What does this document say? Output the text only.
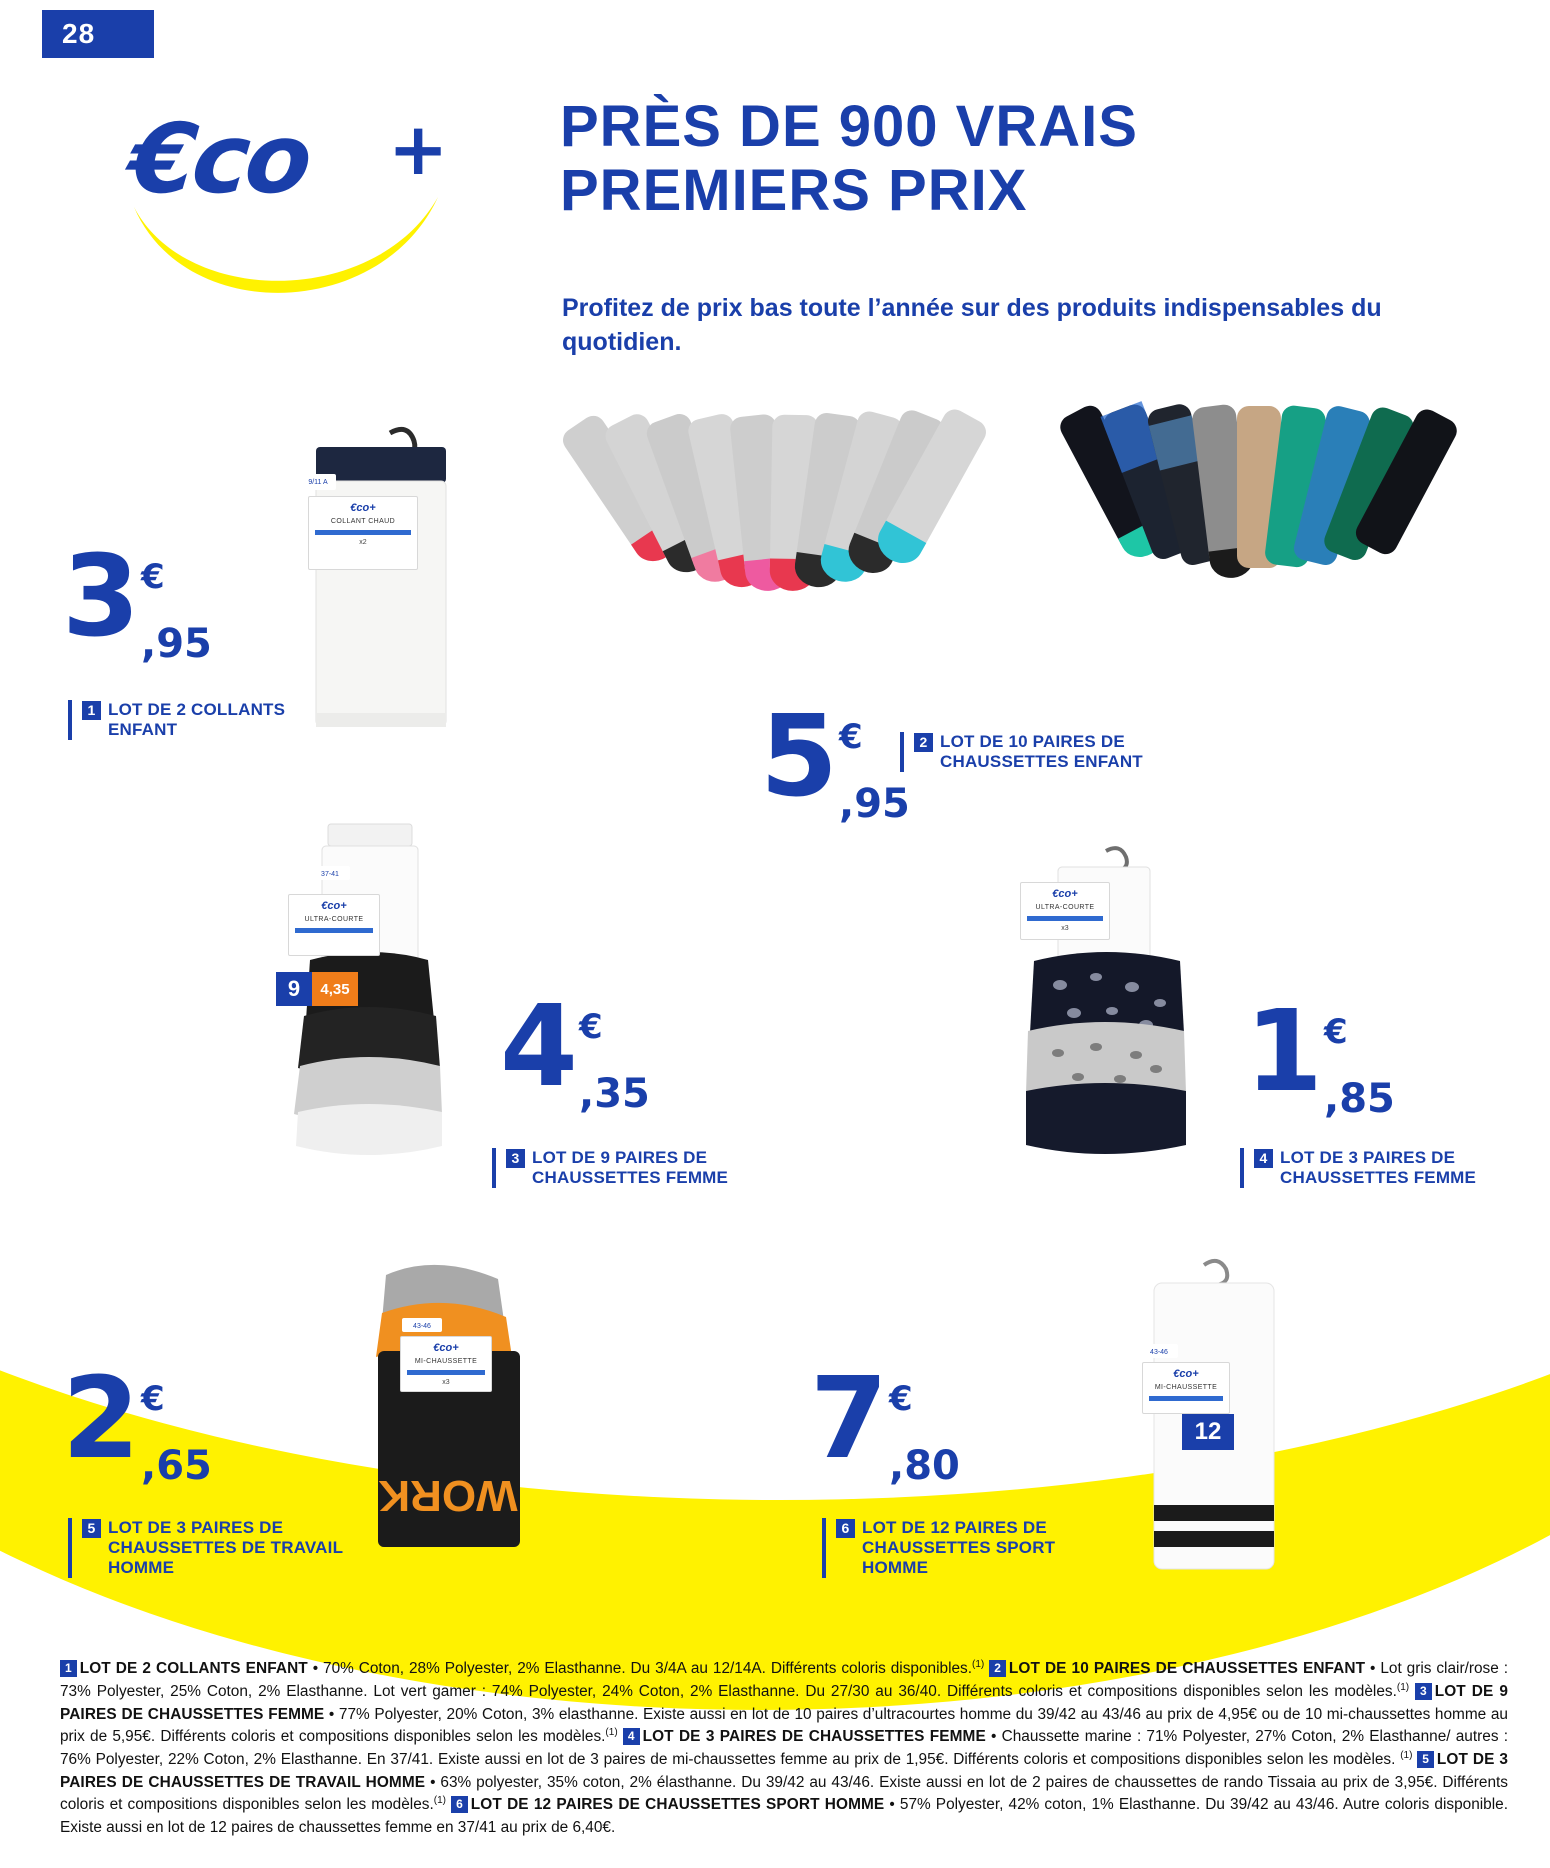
28
€co + PRÈS DE 900 VRAIS
PREMIERS PRIX
Profitez de prix bas toute l’année sur des produits indispensables du quotidien.
€co+
COLLANT CHAUD
x2
9/11 A
3 €
,95
1 LOT DE 2 COLLANTS
ENFANT	5 €
,95
2 LOT DE 10 PAIRES DE
CHAUSSETTES ENFANT
€co+
ULTRA-COURTE
37-41
9	4,35 4 €
,35
3 LOT DE 9 PAIRES DE
CHAUSSETTES FEMME
€co+
ULTRA-COURTE
x3
1 €
,85
4 LOT DE 3 PAIRES DE
CHAUSSETTES FEMME
WORK
€co+
MI-CHAUSSETTE
x3
43-46
2 €
,65
5 LOT DE 3 PAIRES DE
CHAUSSETTES DE TRAVAIL
HOMME
€co+
MI-CHAUSSETTE
43-46
12
7 €
,80
6 LOT DE 12 PAIRES DE
CHAUSSETTES SPORT
HOMME
1 LOT DE 2 COLLANTS ENFANT • 70% Coton, 28% Polyester, 2% Elasthanne. Du 3/4A au 12/14A. Différents coloris disponibles.$^{(1)}$ 2 LOT DE 10 PAIRES DE CHAUSSETTES ENFANT • Lot gris clair/rose : 73% Polyester, 25% Coton, 2% Elasthanne. Lot vert gamer : 74% Polyester, 24% Coton, 2% Elasthanne. Du 27/30 au 36/40. Différents coloris et compositions disponibles selon les modèles.$^{(1)}$ 3 LOT DE 9 PAIRES DE CHAUSSETTES FEMME • 77% Polyester, 20% Coton, 3% elasthanne. Existe aussi en lot de 10 paires d’ultracourtes homme du 39/42 au 43/46 au prix de 4,95€ ou de 10 mi-chaussettes homme au prix de 5,95€. Différents coloris et compositions disponibles selon les modèles.$^{(1)}$ 4 LOT DE 3 PAIRES DE CHAUSSETTES FEMME • Chaussette marine : 71% Polyester, 27% Coton, 2% Elasthanne/ autres : 76% Polyester, 22% Coton, 2% Elasthanne. En 37/41. Existe aussi en lot de 3 paires de mi-chaussettes femme au prix de 1,95€. Différents coloris et compositions disponibles selon les modèles. $^{(1)}$ 5 LOT DE 3 PAIRES DE CHAUSSETTES DE TRAVAIL HOMME • 63% polyester, 35% coton, 2% élasthanne. Du 39/42 au 43/46. Existe aussi en lot de 2 paires de chaussettes de rando Tissaia au prix de 3,95€. Différents coloris et compositions disponibles selon les modèles.$^{(1)}$ 6 LOT DE 12 PAIRES DE CHAUSSETTES SPORT HOMME • 57% Polyester, 42% coton, 1% Elasthanne. Du 39/42 au 43/46. Autre coloris disponible. Existe aussi en lot de 12 paires de chaussettes femme en 37/41 au prix de 6,40€.
